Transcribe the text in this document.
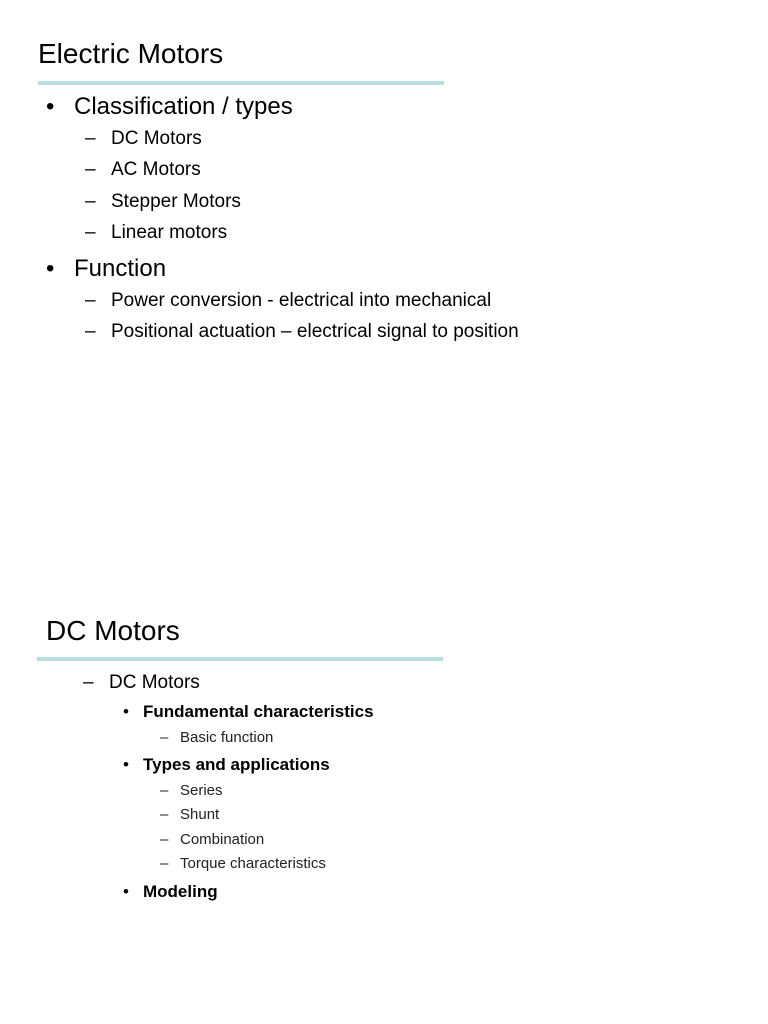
Electric Motors
• Classification / types
– DC Motors
– AC Motors
– Stepper Motors
– Linear motors
• Function
– Power conversion - electrical into mechanical
– Positional actuation – electrical signal to position
DC Motors
– DC Motors
• Fundamental characteristics
– Basic function
• Types and applications
– Series
– Shunt
– Combination
– Torque characteristics
• Modeling
